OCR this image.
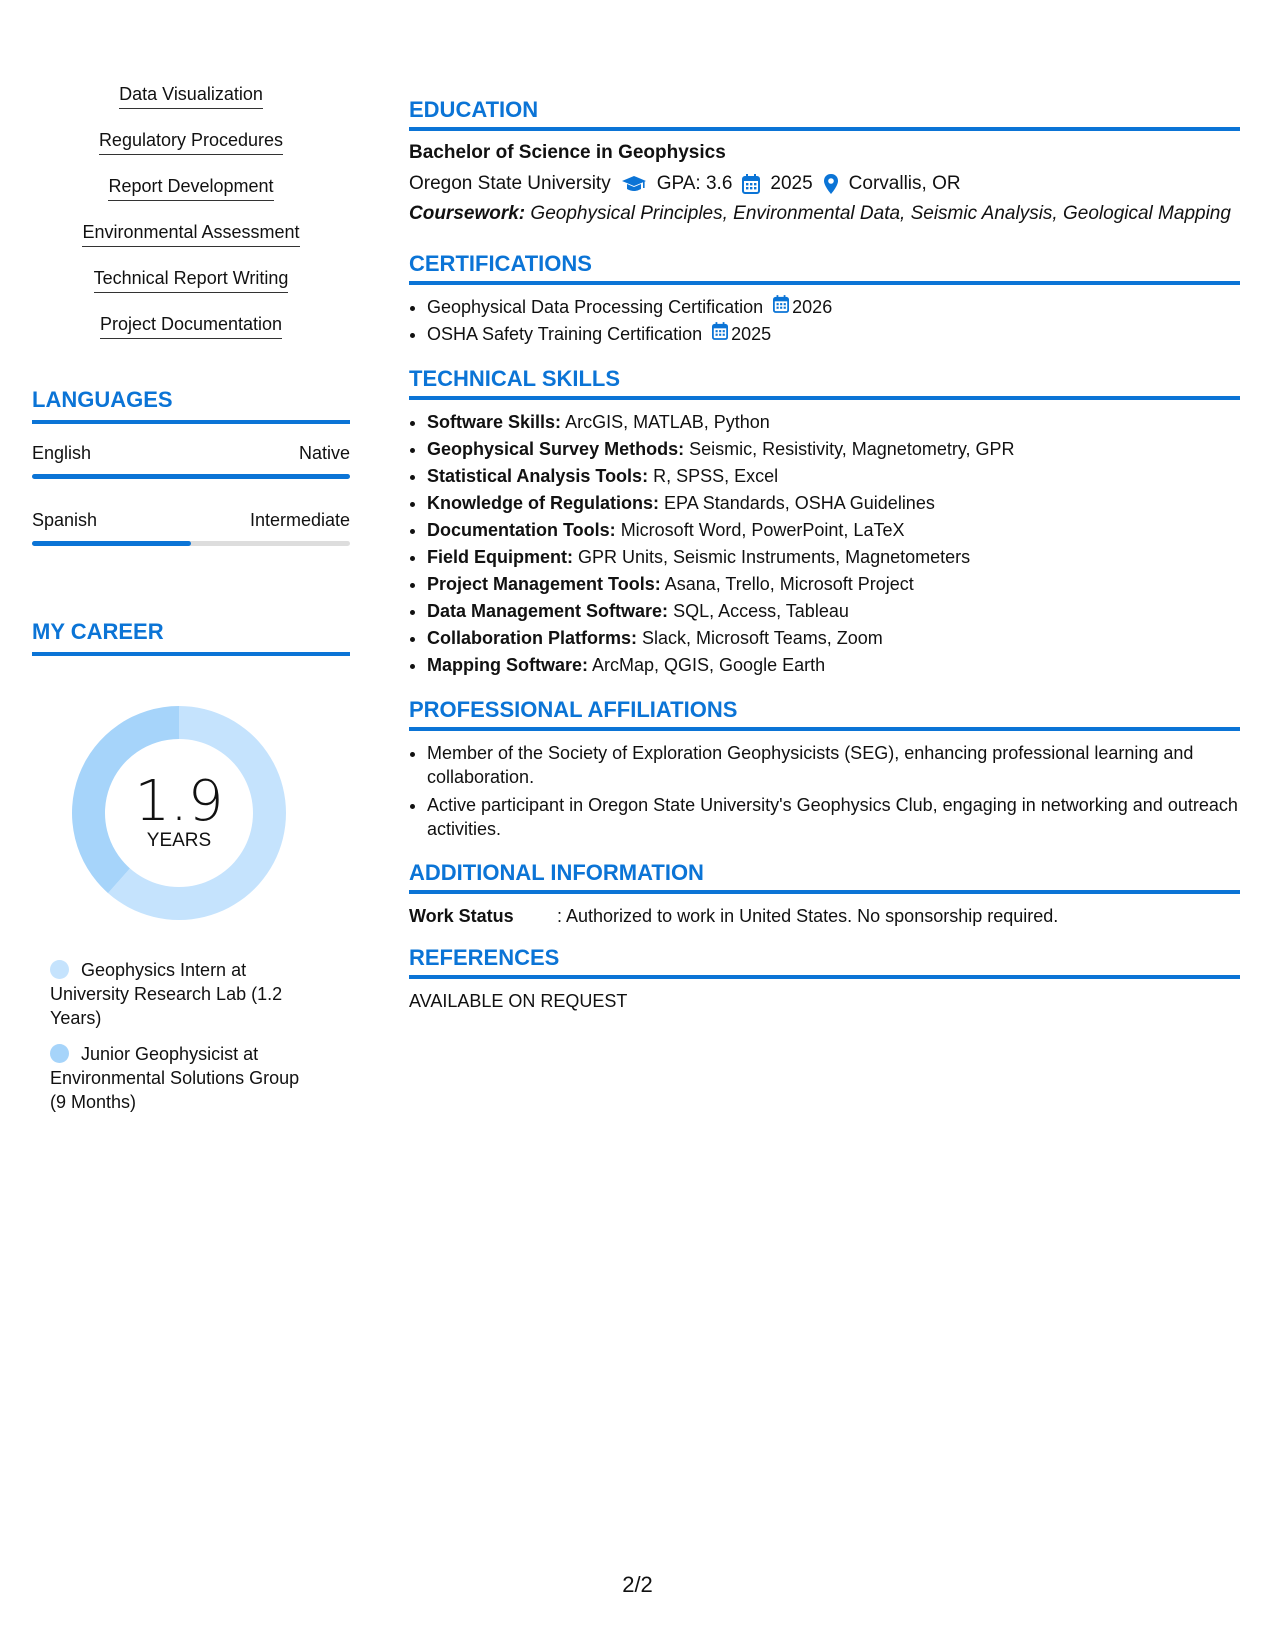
Data Visualization
Regulatory Procedures
Report Development
Environmental Assessment
Technical Report Writing
Project Documentation
LANGUAGES
English	Native
Spanish	Intermediate
MY CAREER
1.9
YEARS
Geophysics Intern at University Research Lab (1.2 Years)
Junior Geophysicist at Environmental Solutions Group (9 Months)
EDUCATION
Bachelor of Science in Geophysics
Oregon State University GPA: 3.6 2025 Corvallis, OR
Coursework: Geophysical Principles, Environmental Data, Seismic Analysis, Geological Mapping
CERTIFICATIONS
• Geophysical Data Processing Certification 2026
• OSHA Safety Training Certification 2025
TECHNICAL SKILLS
• Software Skills: ArcGIS, MATLAB, Python
• Geophysical Survey Methods: Seismic, Resistivity, Magnetometry, GPR
• Statistical Analysis Tools: R, SPSS, Excel
• Knowledge of Regulations: EPA Standards, OSHA Guidelines
• Documentation Tools: Microsoft Word, PowerPoint, LaTeX
• Field Equipment: GPR Units, Seismic Instruments, Magnetometers
• Project Management Tools: Asana, Trello, Microsoft Project
• Data Management Software: SQL, Access, Tableau
• Collaboration Platforms: Slack, Microsoft Teams, Zoom
• Mapping Software: ArcMap, QGIS, Google Earth
PROFESSIONAL AFFILIATIONS
• Member of the Society of Exploration Geophysicists (SEG), enhancing professional learning and collaboration.
• Active participant in Oregon State University's Geophysics Club, engaging in networking and outreach activities.
ADDITIONAL INFORMATION
Work Status	: Authorized to work in United States. No sponsorship required.
REFERENCES
AVAILABLE ON REQUEST
2/2
